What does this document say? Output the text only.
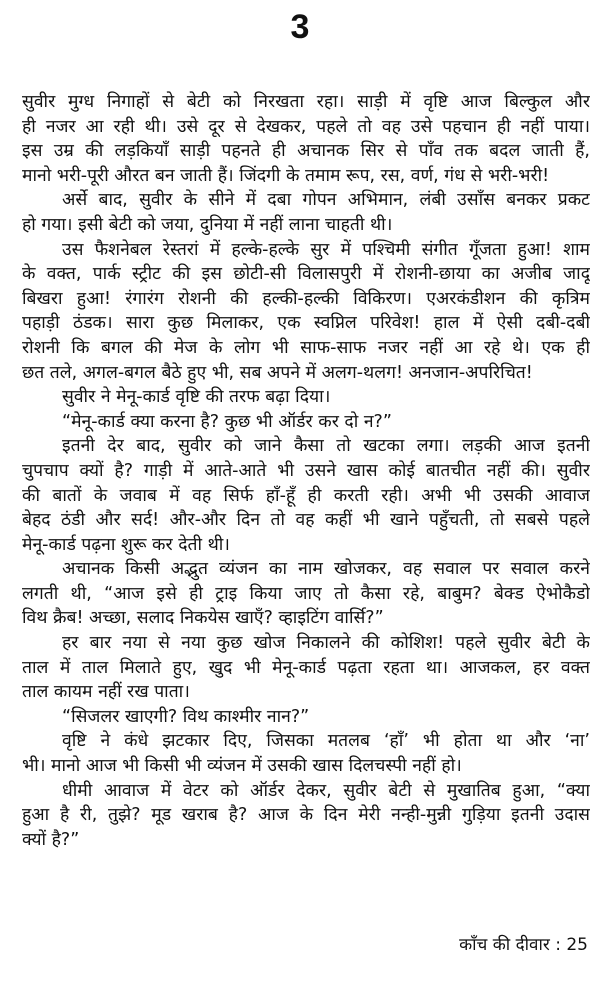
3
सुवीर मुग्ध निगाहों से बेटी को निरखता रहा। साड़ी में वृष्टि आज बिल्कुल और
ही नजर आ रही थी। उसे दूर से देखकर, पहले तो वह उसे पहचान ही नहीं पाया।
इस उम्र की लड़कियाँ साड़ी पहनते ही अचानक सिर से पाँव तक बदल जाती हैं,
मानो भरी-पूरी औरत बन जाती हैं। जिंदगी के तमाम रूप, रस, वर्ण, गंध से भरी-भरी!
अर्से बाद, सुवीर के सीने में दबा गोपन अभिमान, लंबी उसाँस बनकर प्रकट
हो गया। इसी बेटी को जया, दुनिया में नहीं लाना चाहती थी।
उस फैशनेबल रेस्तरां में हल्के-हल्के सुर में पश्चिमी संगीत गूँजता हुआ! शाम
के वक्त, पार्क स्ट्रीट की इस छोटी-सी विलासपुरी में रोशनी-छाया का अजीब जादू
बिखरा हुआ! रंगारंग रोशनी की हल्की-हल्की विकिरण। एअरकंडीशन की कृत्रिम
पहाड़ी ठंडक। सारा कुछ मिलाकर, एक स्वप्निल परिवेश! हाल में ऐसी दबी-दबी
रोशनी कि बगल की मेज के लोग भी साफ-साफ नजर नहीं आ रहे थे। एक ही
छत तले, अगल-बगल बैठे हुए भी, सब अपने में अलग-थलग! अनजान-अपरिचित!
सुवीर ने मेनू-कार्ड वृष्टि की तरफ बढ़ा दिया।
“मेनू-कार्ड क्या करना है? कुछ भी ऑर्डर कर दो न?”
इतनी देर बाद, सुवीर को जाने कैसा तो खटका लगा। लड़की आज इतनी
चुपचाप क्यों है? गाड़ी में आते-आते भी उसने खास कोई बातचीत नहीं की। सुवीर
की बातों के जवाब में वह सिर्फ हाँ-हूँ ही करती रही। अभी भी उसकी आवाज
बेहद ठंडी और सर्द! और-और दिन तो वह कहीं भी खाने पहुँचती, तो सबसे पहले
मेनू-कार्ड पढ़ना शुरू कर देती थी।
अचानक किसी अद्भुत व्यंजन का नाम खोजकर, वह सवाल पर सवाल करने
लगती थी, “आज इसे ही ट्राइ किया जाए तो कैसा रहे, बाबुम? बेक्ड ऐभोकैडो
विथ क्रैब! अच्छा, सलाद निकयेस खाएँ? व्हाइटिंग वार्सि?”
हर बार नया से नया कुछ खोज निकालने की कोशिश! पहले सुवीर बेटी के
ताल में ताल मिलाते हुए, खुद भी मेनू-कार्ड पढ़ता रहता था। आजकल, हर वक्त
ताल कायम नहीं रख पाता।
“सिजलर खाएगी? विथ काश्मीर नान?”
वृष्टि ने कंधे झटकार दिए, जिसका मतलब ‘हाँ’ भी होता था और ‘ना’
भी। मानो आज भी किसी भी व्यंजन में उसकी खास दिलचस्पी नहीं हो।
धीमी आवाज में वेटर को ऑर्डर देकर, सुवीर बेटी से मुखातिब हुआ, “क्या
हुआ है री, तुझे? मूड खराब है? आज के दिन मेरी नन्ही-मुन्नी गुड़िया इतनी उदास
क्यों है?”
काँच की दीवार : 25
